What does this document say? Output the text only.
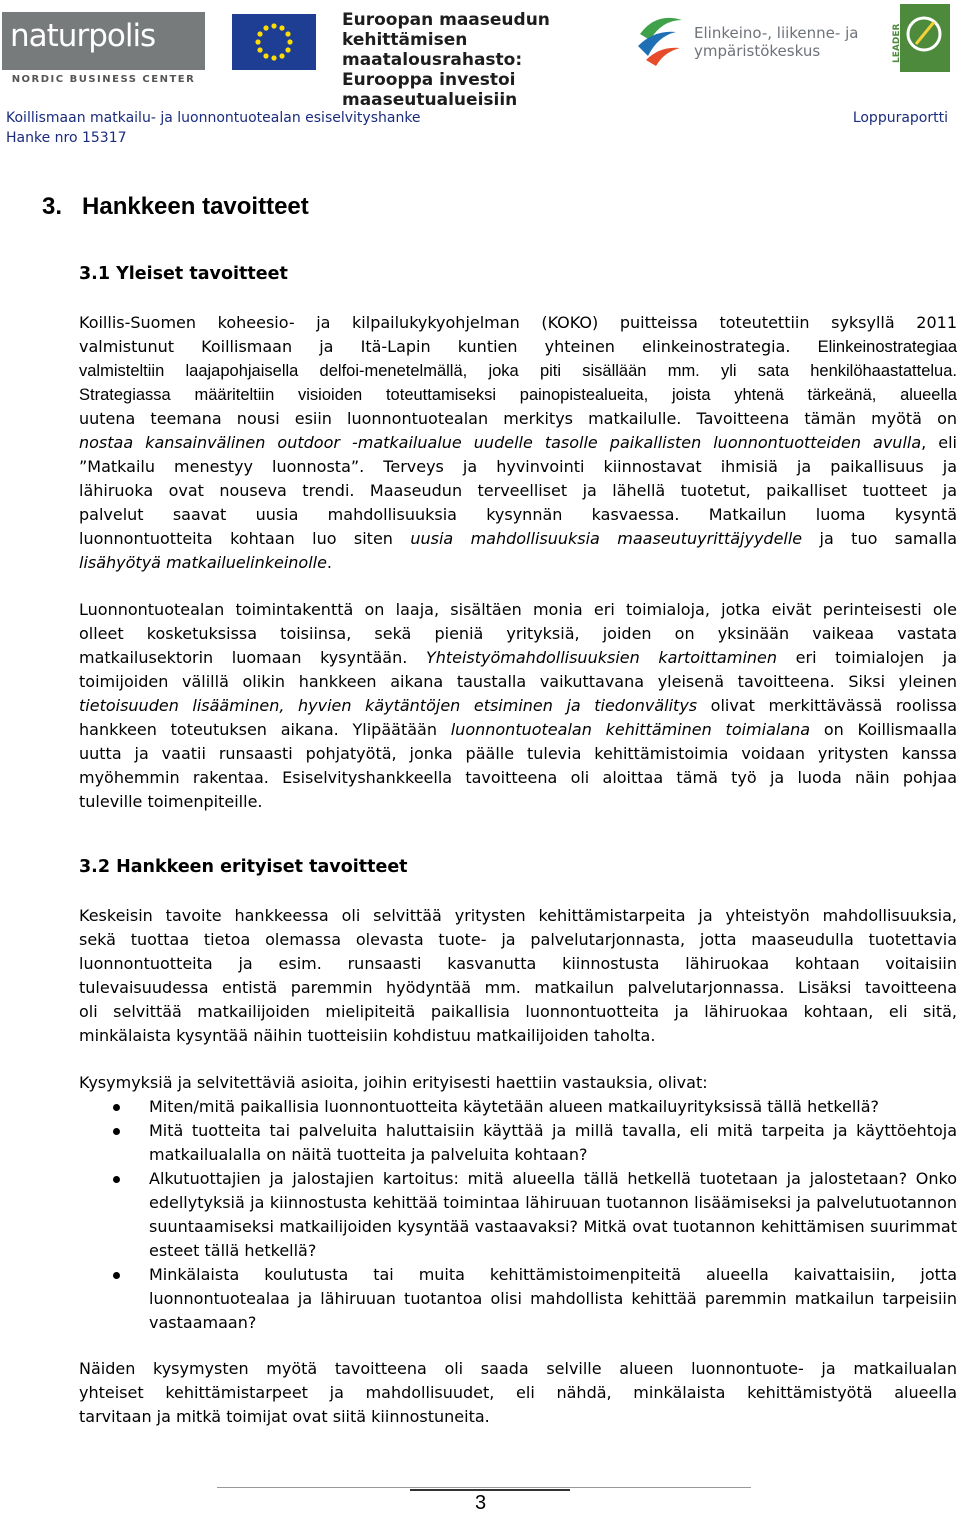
naturpolis
NORDIC BUSINESS CENTER
Euroopan maaseudun
kehittämisen maatalousrahasto:
Eurooppa investoi maaseutualueisiin
Elinkeino-, liikenne- ja
ympäristökeskus	LEADER
Koillismaan matkailu- ja luonnontuotealan esiselvityshanke
Hanke nro 15317
Loppuraportti
3.   Hankkeen tavoitteet
3.1 Yleiset tavoitteet
Koillis-Suomen koheesio- ja kilpailukykyohjelman (KOKO) puitteissa toteutettiin syksyllä 2011
valmistunut Koillismaan ja Itä-Lapin kuntien yhteinen elinkeinostrategia. Elinkeinostrategiaa
valmisteltiin laajapohjaisella delfoi-menetelmällä, joka piti sisällään mm. yli sata henkilöhaastattelua.
Strategiassa määriteltiin visioiden toteuttamiseksi painopistealueita, joista yhtenä tärkeänä, alueella
uutena teemana nousi esiin luonnontuotealan merkitys matkailulle. Tavoitteena tämän myötä on
nostaa kansainvälinen outdoor -matkailualue uudelle tasolle paikallisten luonnontuotteiden avulla, eli
”Matkailu menestyy luonnosta”. Terveys ja hyvinvointi kiinnostavat ihmisiä ja paikallisuus ja
lähiruoka ovat nouseva trendi. Maaseudun terveelliset ja lähellä tuotetut, paikalliset tuotteet ja
palvelut saavat uusia mahdollisuuksia kysynnän kasvaessa. Matkailun luoma kysyntä
luonnontuotteita kohtaan luo siten uusia mahdollisuuksia maaseutuyrittäjyydelle ja tuo samalla
lisähyötyä matkailuelinkeinolle.
Luonnontuotealan toimintakenttä on laaja, sisältäen monia eri toimialoja, jotka eivät perinteisesti ole
olleet kosketuksissa toisiinsa, sekä pieniä yrityksiä, joiden on yksinään vaikeaa vastata
matkailusektorin luomaan kysyntään. Yhteistyömahdollisuuksien kartoittaminen eri toimialojen ja
toimijoiden välillä olikin hankkeen aikana taustalla vaikuttavana yleisenä tavoitteena. Siksi yleinen
tietoisuuden lisääminen, hyvien käytäntöjen etsiminen ja tiedonvälitys olivat merkittävässä roolissa
hankkeen toteutuksen aikana. Ylipäätään luonnontuotealan kehittäminen toimialana on Koillismaalla
uutta ja vaatii runsaasti pohjatyötä, jonka päälle tulevia kehittämistoimia voidaan yritysten kanssa
myöhemmin rakentaa. Esiselvityshankkeella tavoitteena oli aloittaa tämä työ ja luoda näin pohjaa
tuleville toimenpiteille.
3.2 Hankkeen erityiset tavoitteet
Keskeisin tavoite hankkeessa oli selvittää yritysten kehittämistarpeita ja yhteistyön mahdollisuuksia,
sekä tuottaa tietoa olemassa olevasta tuote- ja palvelutarjonnasta, jotta maaseudulla tuotettavia
luonnontuotteita ja esim. runsaasti kasvanutta kiinnostusta lähiruokaa kohtaan voitaisiin
tulevaisuudessa entistä paremmin hyödyntää mm. matkailun palvelutarjonnassa. Lisäksi tavoitteena
oli selvittää matkailijoiden mielipiteitä paikallisia luonnontuotteita ja lähiruokaa kohtaan, eli sitä,
minkälaista kysyntää näihin tuotteisiin kohdistuu matkailijoiden taholta.
Kysymyksiä ja selvitettäviä asioita, joihin erityisesti haettiin vastauksia, olivat:
Miten/mitä paikallisia luonnontuotteita käytetään alueen matkailuyrityksissä tällä hetkellä?
Mitä tuotteita tai palveluita haluttaisiin käyttää ja millä tavalla, eli mitä tarpeita ja käyttöehtoja matkailualalla on näitä tuotteita ja palveluita kohtaan?
Alkutuottajien ja jalostajien kartoitus: mitä alueella tällä hetkellä tuotetaan ja jalostetaan? Onko edellytyksiä ja kiinnostusta kehittää toimintaa lähiruuan tuotannon lisäämiseksi ja palvelutuotannon suuntaamiseksi matkailijoiden kysyntää vastaavaksi? Mitkä ovat tuotannon kehittämisen suurimmat esteet tällä hetkellä?
Minkälaista koulutusta tai muita kehittämistoimenpiteitä alueella kaivattaisiin, jotta luonnontuotealaa ja lähiruuan tuotantoa olisi mahdollista kehittää paremmin matkailun tarpeisiin vastaamaan?
Näiden kysymysten myötä tavoitteena oli saada selville alueen luonnontuote- ja matkailualan
yhteiset kehittämistarpeet ja mahdollisuudet, eli nähdä, minkälaista kehittämistyötä alueella
tarvitaan ja mitkä toimijat ovat siitä kiinnostuneita.
3
